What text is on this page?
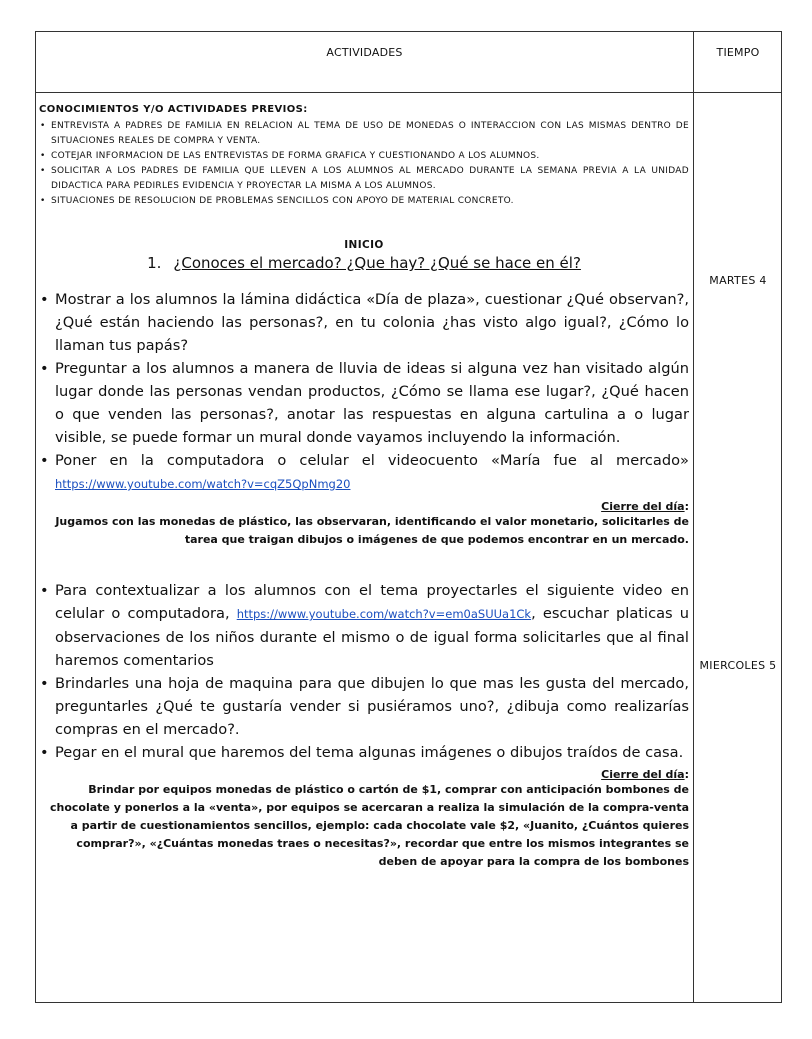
ACTIVIDADES	TIEMPO
MARTES 4
MIERCOLES 5
CONOCIMIENTOS Y/O ACTIVIDADES PREVIOS:
• ENTREVISTA A PADRES DE FAMILIA EN RELACION AL TEMA DE USO DE MONEDAS O INTERACCION CON LAS MISMAS DENTRO DE SITUACIONES REALES DE COMPRA Y VENTA.
• COTEJAR INFORMACION DE LAS ENTREVISTAS DE FORMA GRAFICA Y CUESTIONANDO A LOS ALUMNOS.
• SOLICITAR A LOS PADRES DE FAMILIA QUE LLEVEN A LOS ALUMNOS AL MERCADO DURANTE LA SEMANA PREVIA A LA UNIDAD DIDACTICA PARA PEDIRLES EVIDENCIA Y PROYECTAR LA MISMA A LOS ALUMNOS.
• SITUACIONES DE RESOLUCION DE PROBLEMAS SENCILLOS CON APOYO DE MATERIAL CONCRETO.
INICIO
1. ¿Conoces el mercado? ¿Que hay? ¿Qué se hace en él?
• Mostrar a los alumnos la lámina didáctica «Día de plaza», cuestionar ¿Qué observan?, ¿Qué están haciendo las personas?, en tu colonia ¿has visto algo igual?, ¿Cómo lo llaman tus papás?
• Preguntar a los alumnos a manera de lluvia de ideas si alguna vez han visitado algún lugar donde las personas vendan productos, ¿Cómo se llama ese lugar?, ¿Qué hacen o que venden las personas?, anotar las respuestas en alguna cartulina a o lugar visible, se puede formar un mural donde vayamos incluyendo la información.
• Poner en la computadora o celular el videocuento «María fue al mercado» https://www.youtube.com/watch?v=cqZ5QpNmg20
Cierre del día:
Jugamos con las monedas de plástico, las observaran, identificando el valor monetario, solicitarles de tarea que traigan dibujos o imágenes de que podemos encontrar en un mercado.
• Para contextualizar a los alumnos con el tema proyectarles el siguiente video en celular o computadora, https://www.youtube.com/watch?v=em0aSUUa1Ck, escuchar platicas u observaciones de los niños durante el mismo o de igual forma solicitarles que al final haremos comentarios
• Brindarles una hoja de maquina para que dibujen lo que mas les gusta del mercado, preguntarles ¿Qué te gustaría vender si pusiéramos uno?, ¿dibuja como realizarías compras en el mercado?.
• Pegar en el mural que haremos del tema algunas imágenes o dibujos traídos de casa.
Cierre del día:
Brindar por equipos monedas de plástico o cartón de $1, comprar con anticipación bombones de chocolate y ponerlos a la «venta», por equipos se acercaran a realiza la simulación de la compra-venta a partir de cuestionamientos sencillos, ejemplo: cada chocolate vale $2, «Juanito, ¿Cuántos quieres comprar?», «¿Cuántas monedas traes o necesitas?», recordar que entre los mismos integrantes se deben de apoyar para la compra de los bombones
